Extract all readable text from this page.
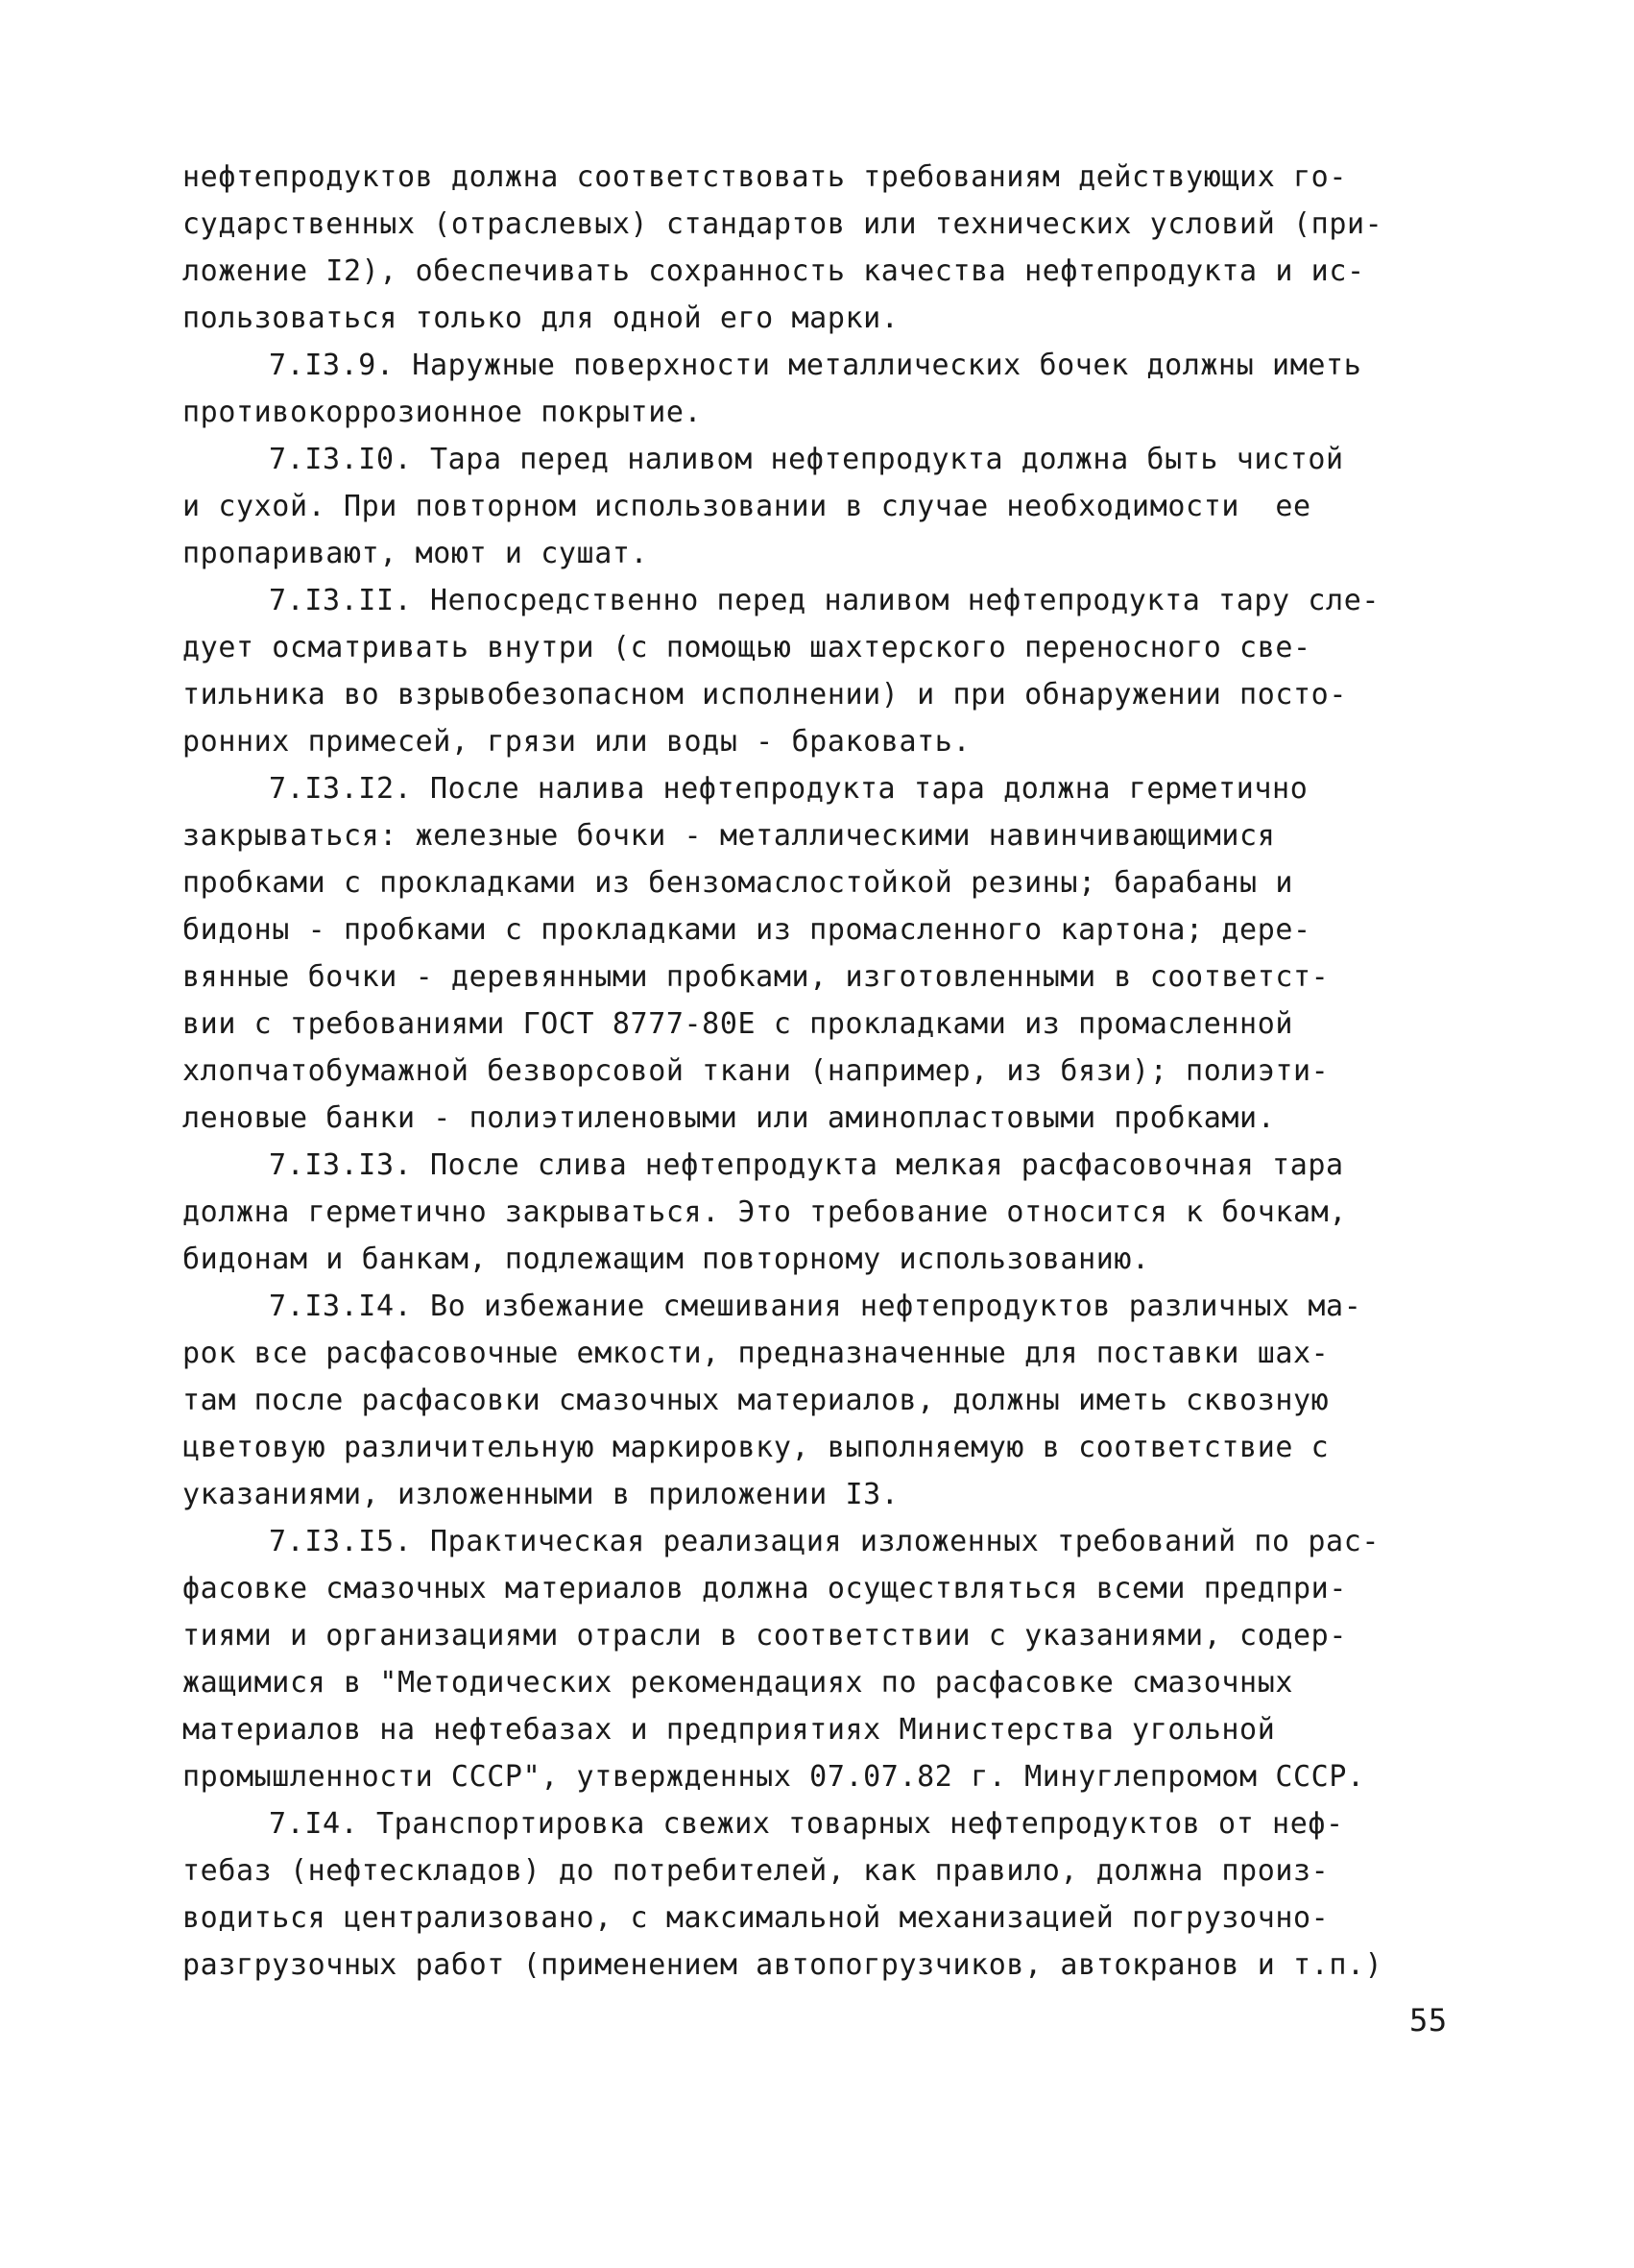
нефтепродуктов должна соответствовать требованиям действующих го-
сударственных (отраслевых) стандартов или технических условий (при-
ложение I2), обеспечивать сохранность качества нефтепродукта и ис-
пользоваться только для одной его марки.
7.I3.9. Наружные поверхности металлических бочек должны иметь
противокоррозионное покрытие.
7.I3.I0. Тара перед наливом нефтепродукта должна быть чистой
и сухой. При повторном использовании в случае необходимости  ее
пропаривают, моют и сушат.
7.I3.II. Непосредственно перед наливом нефтепродукта тару сле-
дует осматривать внутри (с помощью шахтерского переносного све-
тильника во взрывобезопасном исполнении) и при обнаружении посто-
ронних примесей, грязи или воды - браковать.
7.I3.I2. После налива нефтепродукта тара должна герметично
закрываться: железные бочки - металлическими навинчивающимися
пробками с прокладками из бензомаслостойкой резины; барабаны и
бидоны - пробками с прокладками из промасленного картона; дере-
вянные бочки - деревянными пробками, изготовленными в соответст-
вии с требованиями ГОСТ 8777-80Е с прокладками из промасленной
хлопчатобумажной безворсовой ткани (например, из бязи); полиэти-
леновые банки - полиэтиленовыми или аминопластовыми пробками.
7.I3.I3. После слива нефтепродукта мелкая расфасовочная тара
должна герметично закрываться. Это требование относится к бочкам,
бидонам и банкам, подлежащим повторному использованию.
7.I3.I4. Во избежание смешивания нефтепродуктов различных ма-
рок все расфасовочные емкости, предназначенные для поставки шах-
там после расфасовки смазочных материалов, должны иметь сквозную
цветовую различительную маркировку, выполняемую в соответствие с
указаниями, изложенными в приложении I3.
7.I3.I5. Практическая реализация изложенных требований по рас-
фасовке смазочных материалов должна осуществляться всеми предпри-
тиями и организациями отрасли в соответствии с указаниями, содер-
жащимися в "Методических рекомендациях по расфасовке смазочных
материалов на нефтебазах и предприятиях Министерства угольной
промышленности СССР", утвержденных 07.07.82 г. Минуглепромом СССР.
7.I4. Транспортировка свежих товарных нефтепродуктов от неф-
тебаз (нефтескладов) до потребителей, как правило, должна произ-
водиться централизовано, с максимальной механизацией погрузочно-
разгрузочных работ (применением автопогрузчиков, автокранов и т.п.)
55
